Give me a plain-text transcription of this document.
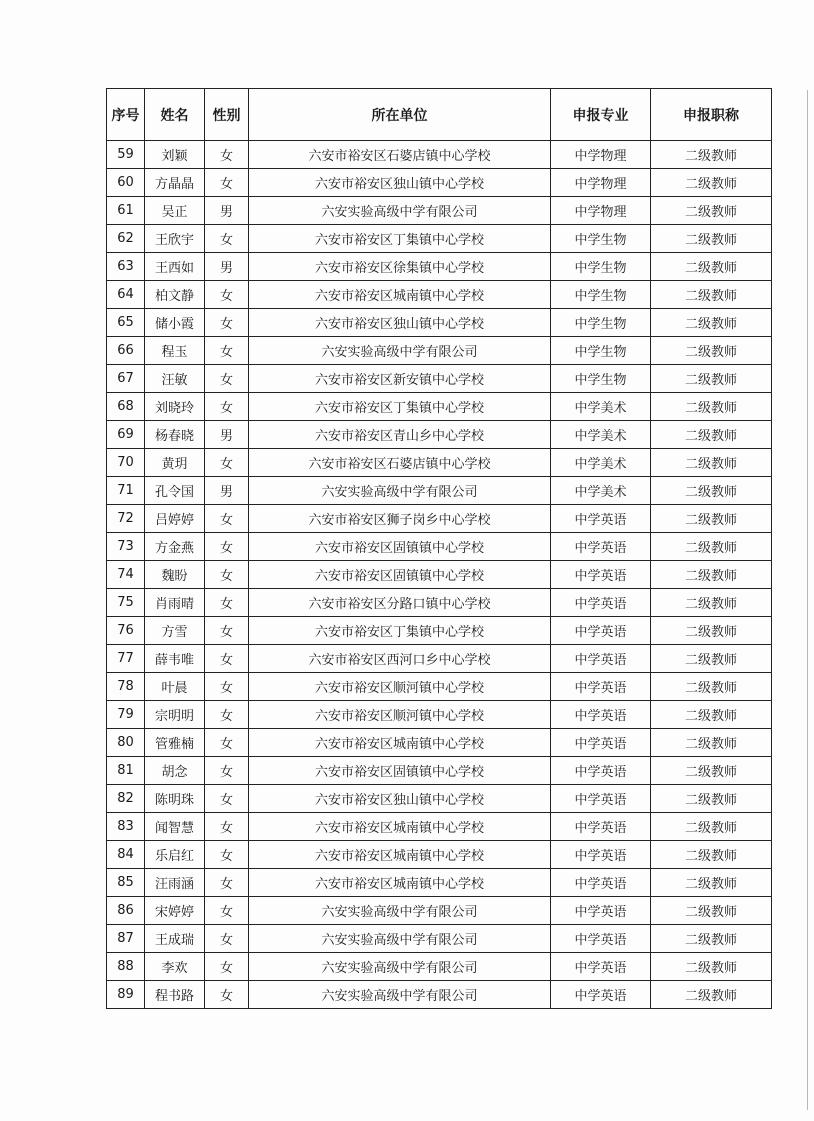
序号	姓名	性别	所在单位	申报专业	申报职称
59	刘颖	女	六安市裕安区石婆店镇中心学校	中学物理	二级教师
60	方晶晶	女	六安市裕安区独山镇中心学校	中学物理	二级教师
61	吴正	男	六安实验高级中学有限公司	中学物理	二级教师
62	王欣宇	女	六安市裕安区丁集镇中心学校	中学生物	二级教师
63	王西如	男	六安市裕安区徐集镇中心学校	中学生物	二级教师
64	柏文静	女	六安市裕安区城南镇中心学校	中学生物	二级教师
65	储小霞	女	六安市裕安区独山镇中心学校	中学生物	二级教师
66	程玉	女	六安实验高级中学有限公司	中学生物	二级教师
67	汪敏	女	六安市裕安区新安镇中心学校	中学生物	二级教师
68	刘晓玲	女	六安市裕安区丁集镇中心学校	中学美术	二级教师
69	杨春晓	男	六安市裕安区青山乡中心学校	中学美术	二级教师
70	黄玥	女	六安市裕安区石婆店镇中心学校	中学美术	二级教师
71	孔令国	男	六安实验高级中学有限公司	中学美术	二级教师
72	吕婷婷	女	六安市裕安区狮子岗乡中心学校	中学英语	二级教师
73	方金燕	女	六安市裕安区固镇镇中心学校	中学英语	二级教师
74	魏盼	女	六安市裕安区固镇镇中心学校	中学英语	二级教师
75	肖雨晴	女	六安市裕安区分路口镇中心学校	中学英语	二级教师
76	方雪	女	六安市裕安区丁集镇中心学校	中学英语	二级教师
77	薛韦唯	女	六安市裕安区西河口乡中心学校	中学英语	二级教师
78	叶晨	女	六安市裕安区顺河镇中心学校	中学英语	二级教师
79	宗明明	女	六安市裕安区顺河镇中心学校	中学英语	二级教师
80	管雅楠	女	六安市裕安区城南镇中心学校	中学英语	二级教师
81	胡念	女	六安市裕安区固镇镇中心学校	中学英语	二级教师
82	陈明珠	女	六安市裕安区独山镇中心学校	中学英语	二级教师
83	闻智慧	女	六安市裕安区城南镇中心学校	中学英语	二级教师
84	乐启红	女	六安市裕安区城南镇中心学校	中学英语	二级教师
85	汪雨涵	女	六安市裕安区城南镇中心学校	中学英语	二级教师
86	宋婷婷	女	六安实验高级中学有限公司	中学英语	二级教师
87	王成瑞	女	六安实验高级中学有限公司	中学英语	二级教师
88	李欢	女	六安实验高级中学有限公司	中学英语	二级教师
89	程书路	女	六安实验高级中学有限公司	中学英语	二级教师
